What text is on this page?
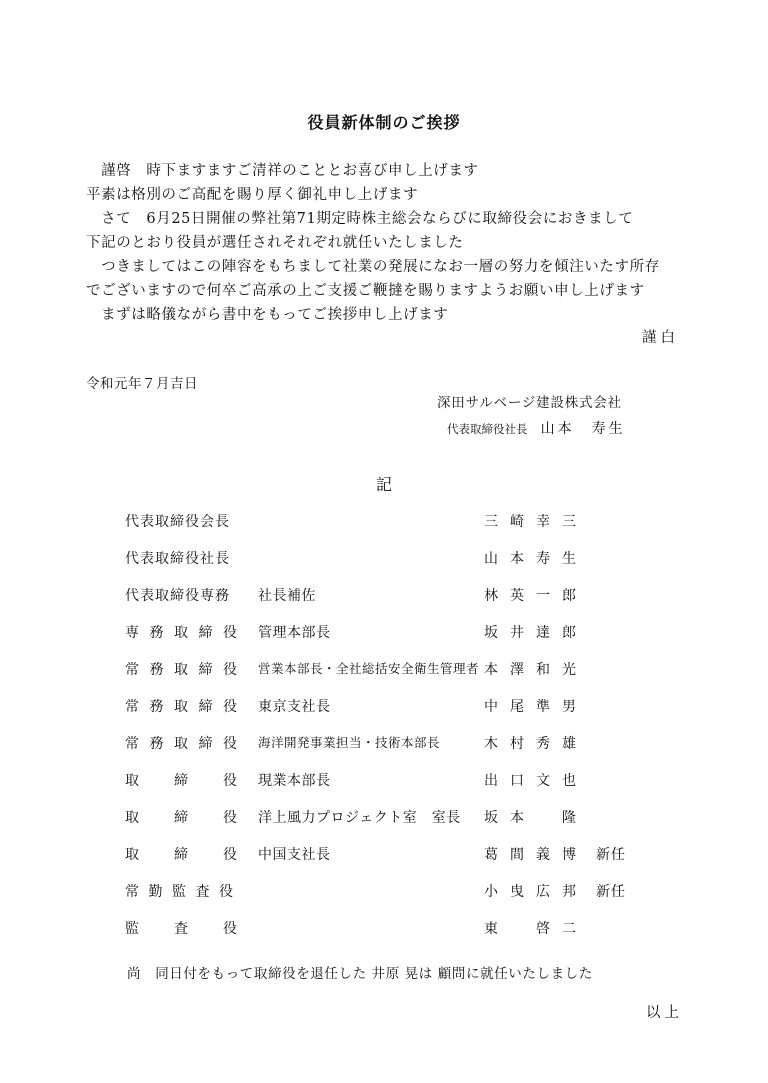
役員新体制のご挨拶
　謹啓　時下ますますご清祥のこととお喜び申し上げます
平素は格別のご高配を賜り厚く御礼申し上げます
　さて　6月25日開催の弊社第71期定時株主総会ならびに取締役会におきまして
下記のとおり役員が選任されそれぞれ就任いたしました
　つきましてはこの陣容をもちまして社業の発展になお一層の努力を傾注いたす所存
でございますので何卒ご高承の上ご支援ご鞭撻を賜りますようお願い申し上げます
　まずは略儀ながら書中をもってご挨拶申し上げます
謹白
令和元年７月吉日
深田サルベージ建設株式会社
代表取締役社長 山本　寿生
記
代表取締役会長	三崎幸三
代表取締役社長	山本寿生
代表取締役専務	社長補佐	林英一郎
専務取締役 管理本部長	坂井達郎
常務取締役 営業本部長・全社総括安全衛生管理者 本澤和光
常務取締役 東京支社長	中尾準男
常務取締役 海洋開発事業担当・技術本部長	木村秀雄
取締役 現業本部長	出口文也
取締役 洋上風力プロジェクト室　室長 坂本　隆
取締役 中国支社長	葛間義博 新任
常勤監査役	小曳広邦 新任
監査役	東　啓二
尚　同日付をもって取締役を退任した 井原 晃は 顧問に就任いたしました
以上
